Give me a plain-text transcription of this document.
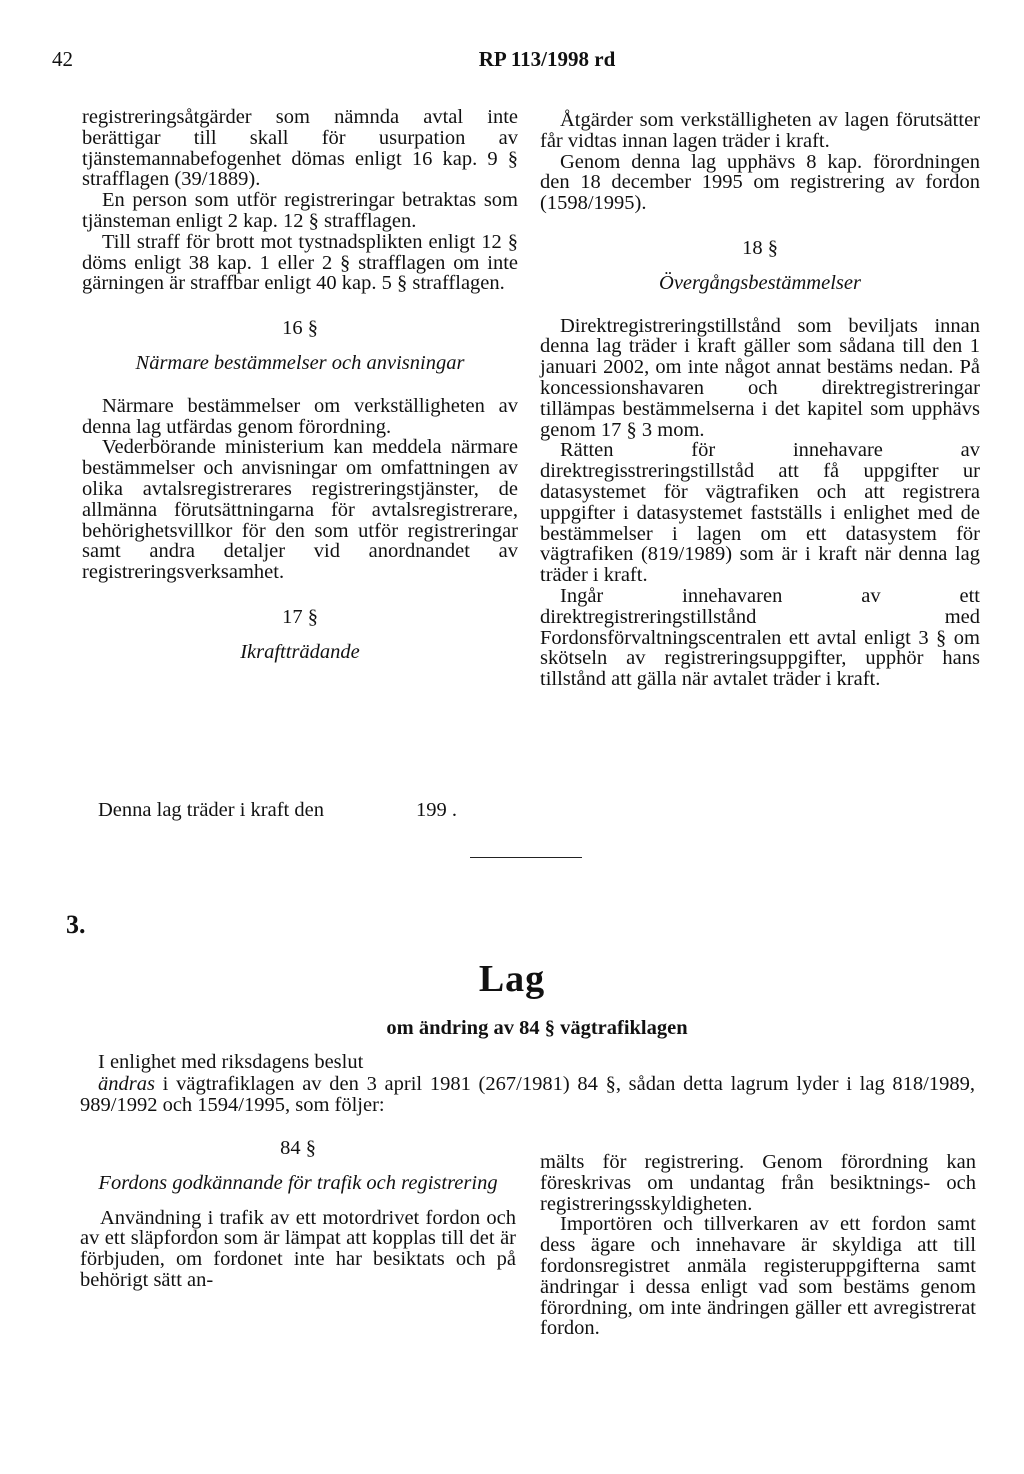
42	RP 113/1998 rd

registreringsåtgärder som nämnda avtal inte berättigar till skall för usurpation av tjänstemannabefogenhet dömas enligt 16 kap. 9 § strafflagen (39/1889).

En person som utför registreringar betraktas som tjänsteman enligt 2 kap. 12 § strafflagen.

Till straff för brott mot tystnadsplikten enligt 12 § döms enligt 38 kap. 1 eller 2 § strafflagen om inte gärningen är straffbar enligt 40 kap. 5 § strafflagen.

16 §
Närmare bestämmelser och anvisningar

Närmare bestämmelser om verkställigheten av denna lag utfärdas genom förordning.

Vederbörande ministerium kan meddela närmare bestämmelser och anvisningar om omfattningen av olika avtalsregistrerares registreringstjänster, de allmänna förutsättningarna för avtalsregistrerare, behörighetsvillkor för den som utför registreringar samt andra detaljer vid anordnandet av registreringsverksamhet.

17 §
Ikraftträdande
Denna lag träder i kraft den	199 .

Åtgärder som verkställigheten av lagen förutsätter får vidtas innan lagen träder i kraft.

Genom denna lag upphävs 8 kap. förordningen den 18 december 1995 om registrering av fordon (1598/1995).

18 §
Övergångsbestämmelser

Direktregistreringstillstånd som beviljats innan denna lag träder i kraft gäller som sådana till den 1 januari 2002, om inte något annat bestäms nedan. På koncessionshavaren och direktregistreringar tillämpas bestämmelserna i det kapitel som upphävs genom 17 § 3 mom.

Rätten för innehavare av direktregisstreringstillståd att få uppgifter ur datasystemet för vägtrafiken och att registrera uppgifter i datasystemet fastställs i enlighet med de bestämmelser i lagen om ett datasystem för vägtrafiken (819/1989) som är i kraft när denna lag träder i kraft.

Ingår innehavaren av ett direktregistreringstillstånd med Fordonsförvaltningscentralen ett avtal enligt 3 § om skötseln av registreringsuppgifter, upphör hans tillstånd att gälla när avtalet träder i kraft.

3.
Lag
om ändring av 84 § vägtrafiklagen

I enlighet med riksdagens beslut

ändras i vägtrafiklagen av den 3 april 1981 (267/1981) 84 §, sådan detta lagrum lyder i lag 818/1989, 989/1992 och 1594/1995, som följer:

84 §
Fordons godkännande för trafik och registrering

Användning i trafik av ett motordrivet fordon och av ett släpfordon som är lämpat att kopplas till det är förbjuden, om fordonet inte har besiktats och på behörigt sätt an-

mälts för registrering. Genom förordning kan föreskrivas om undantag från besiktnings- och registreringsskyldigheten.

Importören och tillverkaren av ett fordon samt dess ägare och innehavare är skyldiga att till fordonsregistret anmäla registeruppgifterna samt ändringar i dessa enligt vad som bestäms genom förordning, om inte ändringen gäller ett avregistrerat fordon.
